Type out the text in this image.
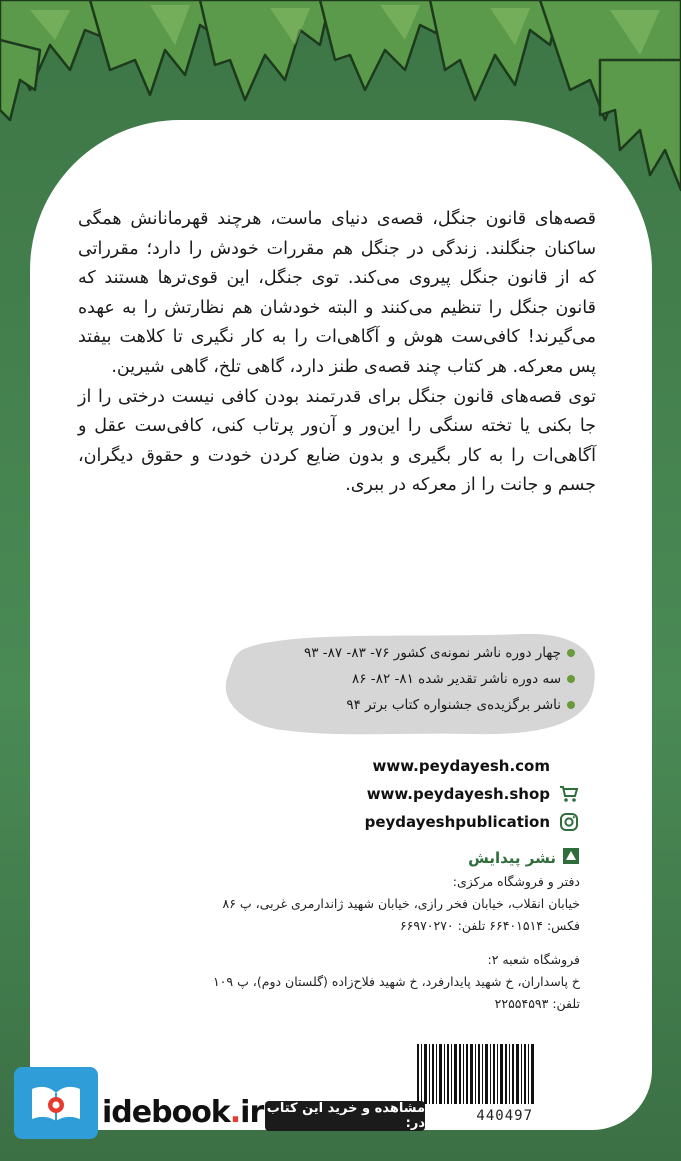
قصه‌های قانون جنگل، قصه‌ی دنیای ماست، هرچند قهرمانانش همگی ساکنان جنگلند. زندگی در جنگل هم مقررات خودش را دارد؛ مقرراتی که از قانون جنگل پیروی می‌کند. توی جنگل، این قوی‌ترها هستند که قانون جنگل را تنظیم می‌کنند و البته خودشان هم نظارتش را به عهده می‌گیرند! کافی‌ست هوش و آگاهی‌ات را به کار نگیری تا کلاهت بیفتد پس معرکه. هر کتاب چند قصه‌ی طنز دارد، گاهی تلخ، گاهی شیرین.

توی قصه‌های قانون جنگل برای قدرتمند بودن کافی نیست درختی را از جا بکنی یا تخته سنگی را این‌ور و آن‌ور پرتاب کنی، کافی‌ست عقل و آگاهی‌ات را به کار بگیری و بدون ضایع کردن خودت و حقوق دیگران، جسم و جانت را از معرکه در ببری.

چهار دوره ناشر نمونه‌ی کشور ۷۶- ۸۳- ۸۷- ۹۳
سه دوره ناشر تقدیر شده ۸۱- ۸۲- ۸۶
ناشر برگزیده‌ی جشنواره کتاب برتر ۹۴
www.peydayesh.com
www.peydayesh.shop
peydayeshpublication
نشر پیدایش

دفتر و فروشگاه مرکزی:

خیابان انقلاب، خیابان فخر رازی، خیابان شهید ژاندارمری غربی، پ ۸۶

فکس: ۶۶۴۰۱۵۱۴ تلفن: ۶۶۹۷۰۲۷۰

فروشگاه شعبه ۲:

خ پاسداران، خ شهید پایدارفرد، خ شهید فلاح‌زاده (گلستان دوم)، پ ۱۰۹

تلفن: ۲۲۵۵۴۵۹۳

440497
idebook.ir مشاهده و خرید این کتاب در:
